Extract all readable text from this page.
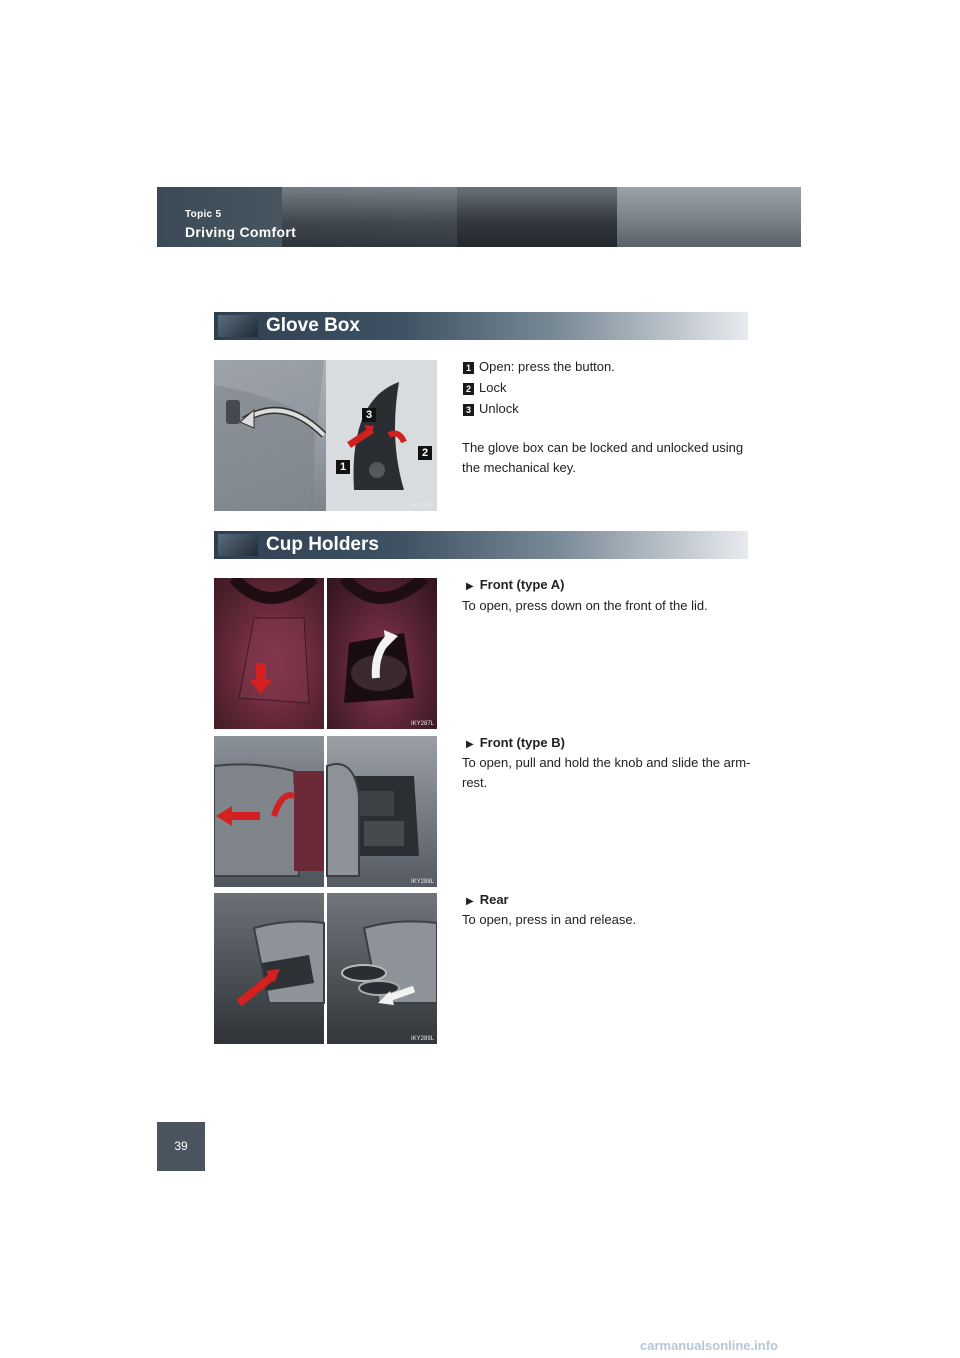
Topic 5
Driving Comfort
Glove Box
3
1
2
IKY105L
1 Open: press the button.
2 Lock
3 Unlock
The glove box can be locked and unlocked using the mechanical key.
Cup Holders
IKY287L
▶ Front (type A)
To open, press down on the front of the lid.
IKY288L
▶ Front (type B)
To open, pull and hold the knob and slide the arm-rest.
IKY289L
▶ Rear
To open, press in and release.
39
carmanualsonline.info
